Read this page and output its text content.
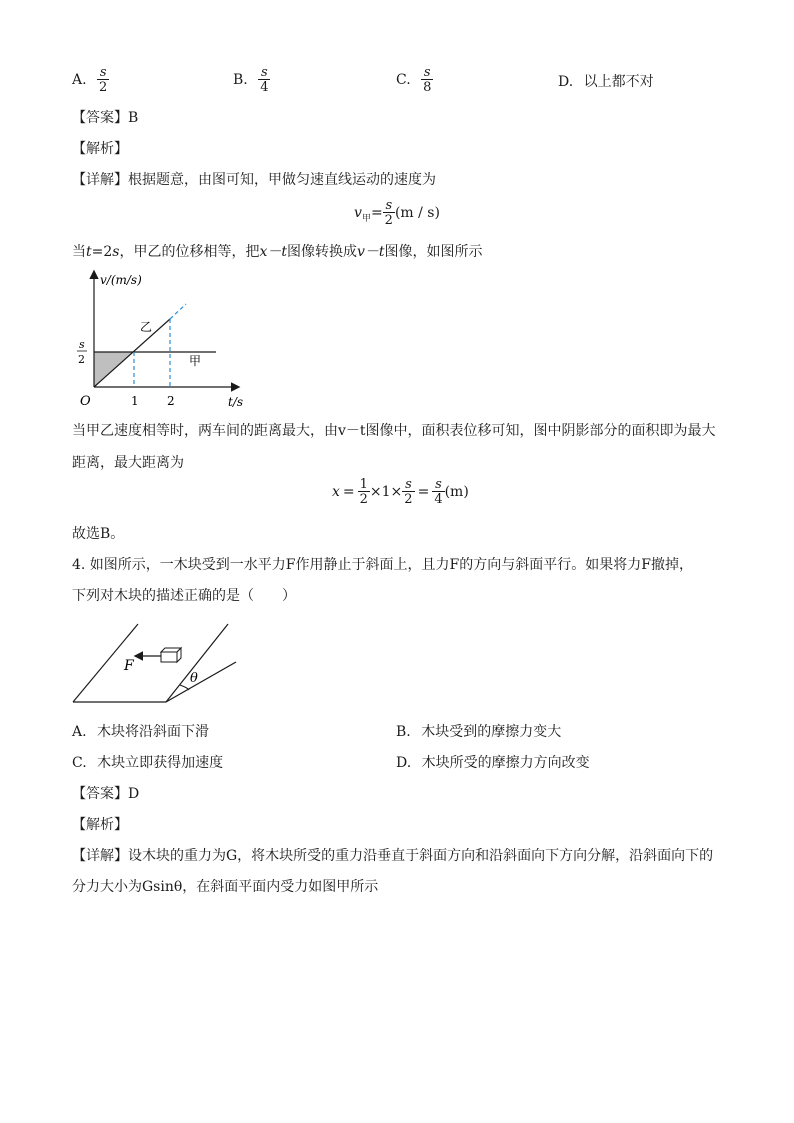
A. $\frac{s}{2}$	B. $\frac{s}{4}$	C. $\frac{s}{8}$	D. 以上都不对
【答案】B
【解析】
【详解】根据题意，由图可知，甲做匀速直线运动的速度为
$v_甲= \frac{s}{2} (m / s)$
当t=2s，甲乙的位移相等，把x－t图像转换成v－t图像，如图所示
v/(m/s)
s
2
O	1 2	t/s
乙
甲
当甲乙速度相等时，两车间的距离最大，由v－t图像中，面积表位移可知，图中阴影部分的面积即为最大
距离，最大距离为
$x = \frac{1}{2} \times 1\times \frac{s}{2} = \frac{s}{4} (m)$
故选B。
4. 如图所示，一木块受到一水平力F作用静止于斜面上，且力F的方向与斜面平行。如果将力F撤掉，
下列对木块的描述正确的是（　　）
F
θ
A. 木块将沿斜面下滑	B. 木块受到的摩擦力变大
C. 木块立即获得加速度	D. 木块所受的摩擦力方向改变
【答案】D
【解析】
【详解】设木块的重力为G，将木块所受的重力沿垂直于斜面方向和沿斜面向下方向分解，沿斜面向下的
分力大小为Gsinθ，在斜面平面内受力如图甲所示
